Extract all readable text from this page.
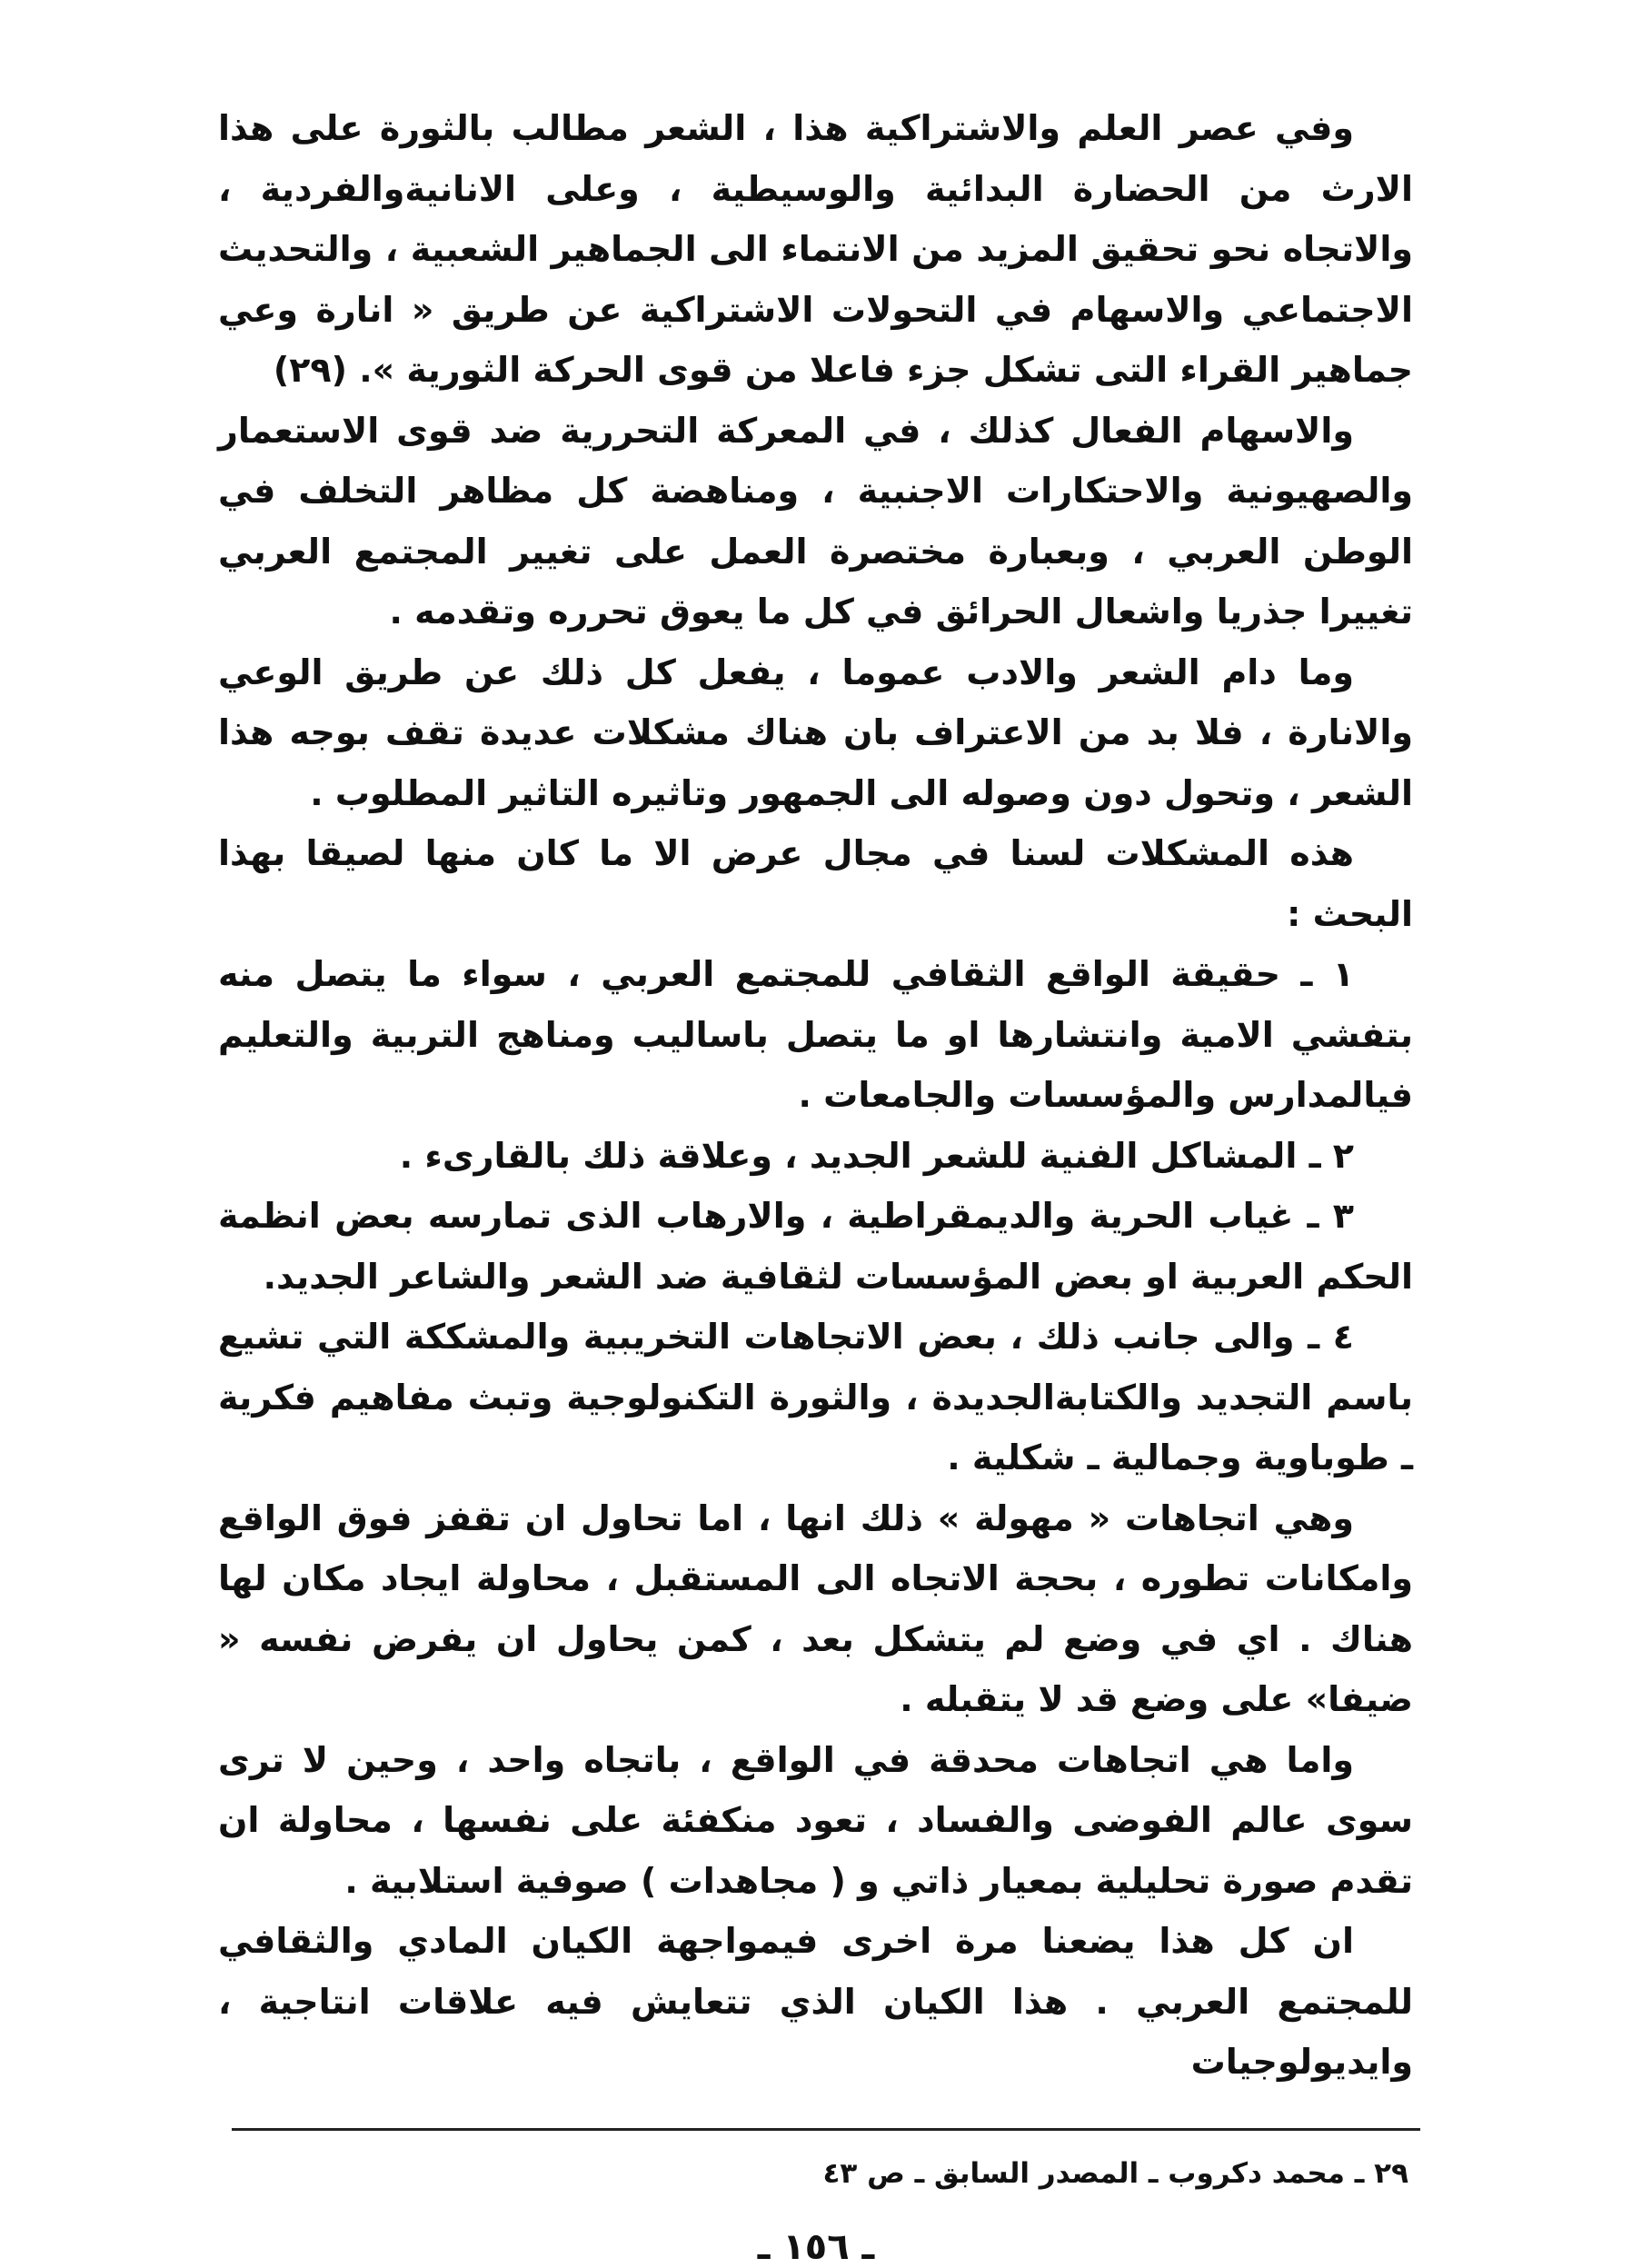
وفي عصر العلم والاشتراكية هذا ، الشعر مطالب بالثورة على هذا الارث من الحضارة البدائية والوسيطية ، وعلى الانانيةوالفردية ، والاتجاه نحو تحقيق المزيد من الانتماء الى الجماهير الشعبية ، والتحديث الاجتماعي والاسهام في التحولات الاشتراكية عن طريق « انارة وعي جماهير القراء التى تشكل جزء فاعلا من قوى الحركة الثورية ». (٢٩)

والاسهام الفعال كذلك ، في المعركة التحررية ضد قوى الاستعمار والصهيونية والاحتكارات الاجنبية ، ومناهضة كل مظاهر التخلف في الوطن العربي ، وبعبارة مختصرة العمل على تغيير المجتمع العربي تغييرا جذريا واشعال الحرائق في كل ما يعوق تحرره وتقدمه .

وما دام الشعر والادب عموما ، يفعل كل ذلك عن طريق الوعي والانارة ، فلا بد من الاعتراف بان هناك مشكلات عديدة تقف بوجه هذا الشعر ، وتحول دون وصوله الى الجمهور وتاثيره التاثير المطلوب .

هذه المشكلات لسنا في مجال عرض الا ما كان منها لصيقا بهذا البحث :

١ ـ حقيقة الواقع الثقافي للمجتمع العربي ، سواء ما يتصل منه بتفشي الامية وانتشارها او ما يتصل باساليب ومناهج التربية والتعليم فيالمدارس والمؤسسات والجامعات .

٢ ـ المشاكل الفنية للشعر الجديد ، وعلاقة ذلك بالقارىء .

٣ ـ غياب الحرية والديمقراطية ، والارهاب الذى تمارسه بعض انظمة الحكم العربية او بعض المؤسسات لثقافية ضد الشعر والشاعر الجديد.

٤ ـ والى جانب ذلك ، بعض الاتجاهات التخريبية والمشككة التي تشيع باسم التجديد والكتابةالجديدة ، والثورة التكنولوجية وتبث مفاهيم فكرية ـ طوباوية وجمالية ـ شكلية .

وهي اتجاهات « مهولة » ذلك انها ، اما تحاول ان تقفز فوق الواقع وامكانات تطوره ، بحجة الاتجاه الى المستقبل ، محاولة ايجاد مكان لها هناك . اي في وضع لم يتشكل بعد ، كمن يحاول ان يفرض نفسه « ضيفا» على وضع قد لا يتقبله .

واما هي اتجاهات محدقة في الواقع ، باتجاه واحد ، وحين لا ترى سوى عالم الفوضى والفساد ، تعود منكفئة على نفسها ، محاولة ان تقدم صورة تحليلية بمعيار ذاتي و ( مجاهدات ) صوفية استلابية .

ان كل هذا يضعنا مرة اخرى فيمواجهة الكيان المادي والثقافي للمجتمع العربي . هذا الكيان الذي تتعايش فيه علاقات انتاجية ، وايديولوجيات

٢٩ ـ محمد دكروب ـ المصدر السابق ـ ص ٤٣
ـ ١٥٦ ـ
